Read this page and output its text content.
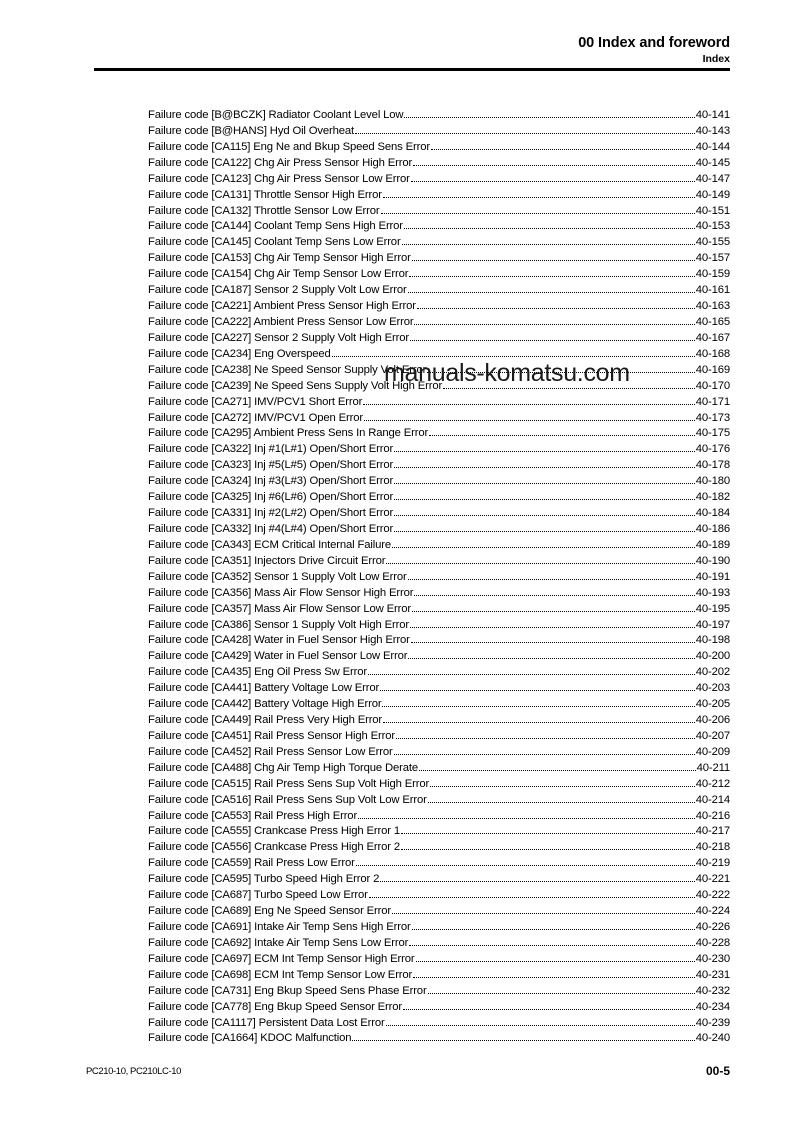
00 Index and foreword
Index
Failure code [B@BCZK] Radiator Coolant Level Low	40-141
Failure code [B@HANS] Hyd Oil Overheat	40-143
Failure code [CA115] Eng Ne and Bkup Speed Sens Error	40-144
Failure code [CA122] Chg Air Press Sensor High Error	40-145
Failure code [CA123] Chg Air Press Sensor Low Error	40-147
Failure code [CA131] Throttle Sensor High Error	40-149
Failure code [CA132] Throttle Sensor Low Error	40-151
Failure code [CA144] Coolant Temp Sens High Error	40-153
Failure code [CA145] Coolant Temp Sens Low Error	40-155
Failure code [CA153] Chg Air Temp Sensor High Error	40-157
Failure code [CA154] Chg Air Temp Sensor Low Error	40-159
Failure code [CA187] Sensor 2 Supply Volt Low Error	40-161
Failure code [CA221] Ambient Press Sensor High Error	40-163
Failure code [CA222] Ambient Press Sensor Low Error	40-165
Failure code [CA227] Sensor 2 Supply Volt High Error	40-167
Failure code [CA234] Eng Overspeed	40-168
Failure code [CA238] Ne Speed Sensor Supply Volt Error	40-169
Failure code [CA239] Ne Speed Sens Supply Volt High Error	40-170
Failure code [CA271] IMV/PCV1 Short Error	40-171
Failure code [CA272] IMV/PCV1 Open Error	40-173
Failure code [CA295] Ambient Press Sens In Range Error	40-175
Failure code [CA322] Inj #1(L#1) Open/Short Error	40-176
Failure code [CA323] Inj #5(L#5) Open/Short Error	40-178
Failure code [CA324] Inj #3(L#3) Open/Short Error	40-180
Failure code [CA325] Inj #6(L#6) Open/Short Error	40-182
Failure code [CA331] Inj #2(L#2) Open/Short Error	40-184
Failure code [CA332] Inj #4(L#4) Open/Short Error	40-186
Failure code [CA343] ECM Critical Internal Failure	40-189
Failure code [CA351] Injectors Drive Circuit Error	40-190
Failure code [CA352] Sensor 1 Supply Volt Low Error	40-191
Failure code [CA356] Mass Air Flow Sensor High Error	40-193
Failure code [CA357] Mass Air Flow Sensor Low Error	40-195
Failure code [CA386] Sensor 1 Supply Volt High Error	40-197
Failure code [CA428] Water in Fuel Sensor High Error	40-198
Failure code [CA429] Water in Fuel Sensor Low Error	40-200
Failure code [CA435] Eng Oil Press Sw Error	40-202
Failure code [CA441] Battery Voltage Low Error	40-203
Failure code [CA442] Battery Voltage High Error	40-205
Failure code [CA449] Rail Press Very High Error	40-206
Failure code [CA451] Rail Press Sensor High Error	40-207
Failure code [CA452] Rail Press Sensor Low Error	40-209
Failure code [CA488] Chg Air Temp High Torque Derate	40-211
Failure code [CA515] Rail Press Sens Sup Volt High Error	40-212
Failure code [CA516] Rail Press Sens Sup Volt Low Error	40-214
Failure code [CA553] Rail Press High Error	40-216
Failure code [CA555] Crankcase Press High Error 1	40-217
Failure code [CA556] Crankcase Press High Error 2	40-218
Failure code [CA559] Rail Press Low Error	40-219
Failure code [CA595] Turbo Speed High Error 2	40-221
Failure code [CA687] Turbo Speed Low Error	40-222
Failure code [CA689] Eng Ne Speed Sensor Error	40-224
Failure code [CA691] Intake Air Temp Sens High Error	40-226
Failure code [CA692] Intake Air Temp Sens Low Error	40-228
Failure code [CA697] ECM Int Temp Sensor High Error	40-230
Failure code [CA698] ECM Int Temp Sensor Low Error	40-231
Failure code [CA731] Eng Bkup Speed Sens Phase Error	40-232
Failure code [CA778] Eng Bkup Speed Sensor Error	40-234
Failure code [CA1117] Persistent Data Lost Error	40-239
Failure code [CA1664] KDOC Malfunction	40-240
manuals-komatsu.com
PC210-10, PC210LC-10	00-5
